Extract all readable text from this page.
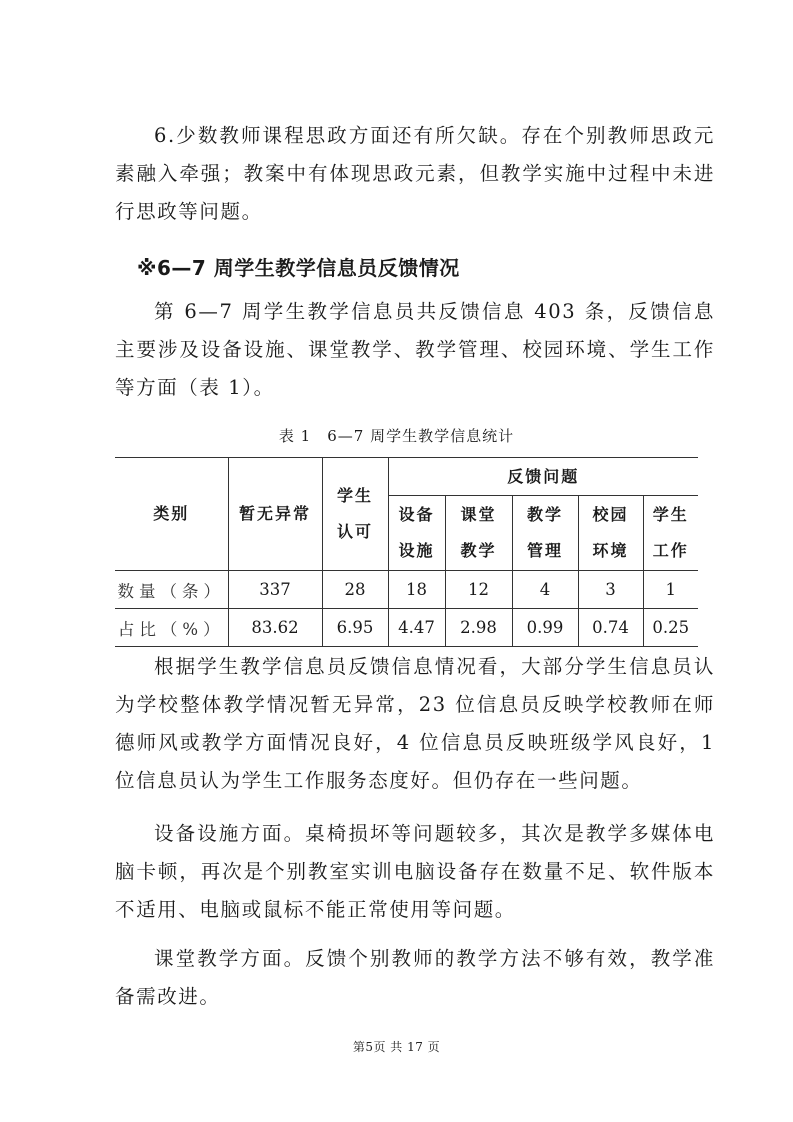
6.少数教师课程思政方面还有所欠缺。存在个别教师思政元素融入牵强；教案中有体现思政元素，但教学实施中过程中未进行思政等问题。

※6—7 周学生教学信息员反馈情况

第 6—7 周学生教学信息员共反馈信息 403 条，反馈信息主要涉及设备设施、课堂教学、教学管理、校园环境、学生工作等方面（表 1）。

表 1　6—7 周学生教学信息统计
类别	暂无异常	学生认可	反馈问题				
			设备设施	课堂教学	教学管理	校园环境	学生工作
数量（条）	337	28	18	12	4	3	1
占比（%）	83.62	6.95	4.47	2.98	0.99	0.74	0.25

根据学生教学信息员反馈信息情况看，大部分学生信息员认为学校整体教学情况暂无异常，23 位信息员反映学校教师在师德师风或教学方面情况良好，4 位信息员反映班级学风良好，1 位信息员认为学生工作服务态度好。但仍存在一些问题。

设备设施方面。桌椅损坏等问题较多，其次是教学多媒体电脑卡顿，再次是个别教室实训电脑设备存在数量不足、软件版本不适用、电脑或鼠标不能正常使用等问题。

课堂教学方面。反馈个别教师的教学方法不够有效，教学准备需改进。

第5页 共 17 页
